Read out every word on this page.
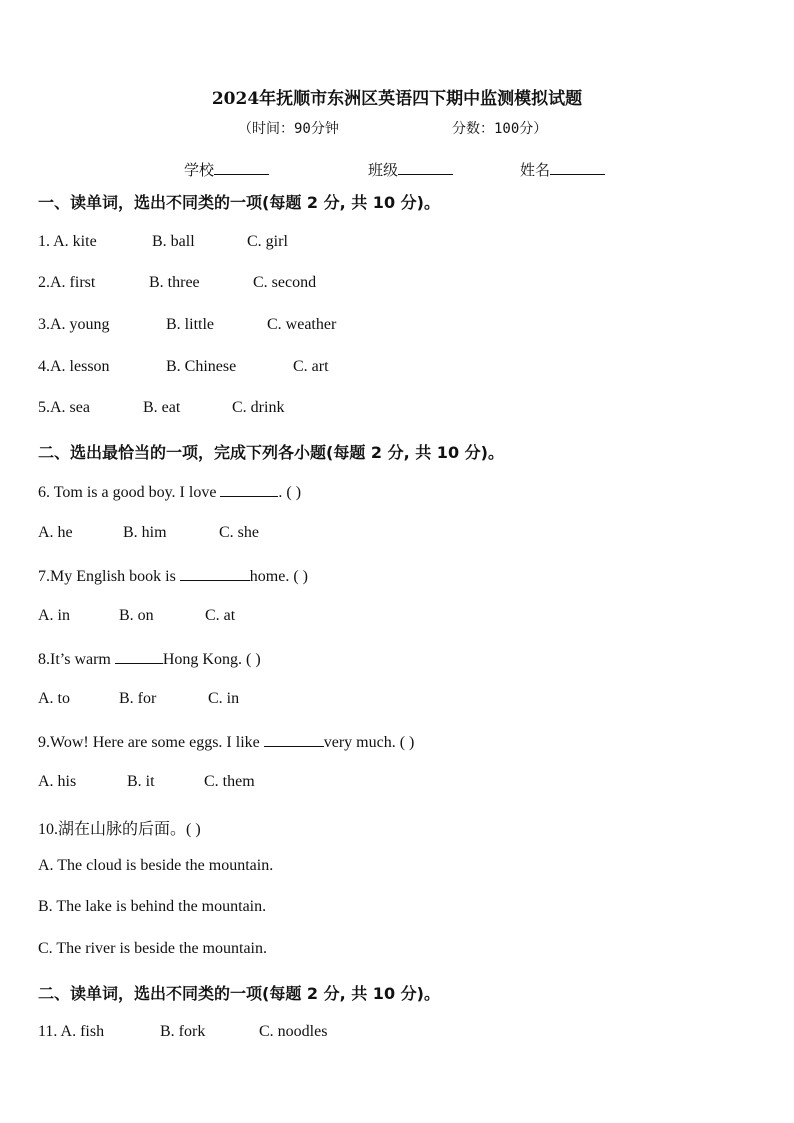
2024年抚顺市东洲区英语四下期中监测模拟试题
（时间：90分钟	分数：100分）
学校	班级	姓名
一、读单词，选出不同类的一项(每题 2 分, 共 10 分)。
1. A. kite	B. ball	C. girl
2.A. first	B. three	C. second
3.A. young	B. little	C. weather
4.A. lesson	B. Chinese	C. art
5.A. sea	B. eat	C. drink
二、选出最恰当的一项，完成下列各小题(每题 2 分, 共 10 分)。
6. Tom is a good boy. I love	. ( )
A. he	B. him	C. she
7.My English book is	home. ( )
A. in	B. on	C. at
8.It’s warm	Hong Kong. ( )
A. to	B. for	C. in
9.Wow! Here are some eggs. I like	very much. ( )
A. his	B. it	C. them
10.湖在山脉的后面。( )
A. The cloud is beside the mountain.
B. The lake is behind the mountain.
C. The river is beside the mountain.
二、读单词，选出不同类的一项(每题 2 分, 共 10 分)。
11. A. fish	B. fork	C. noodles
